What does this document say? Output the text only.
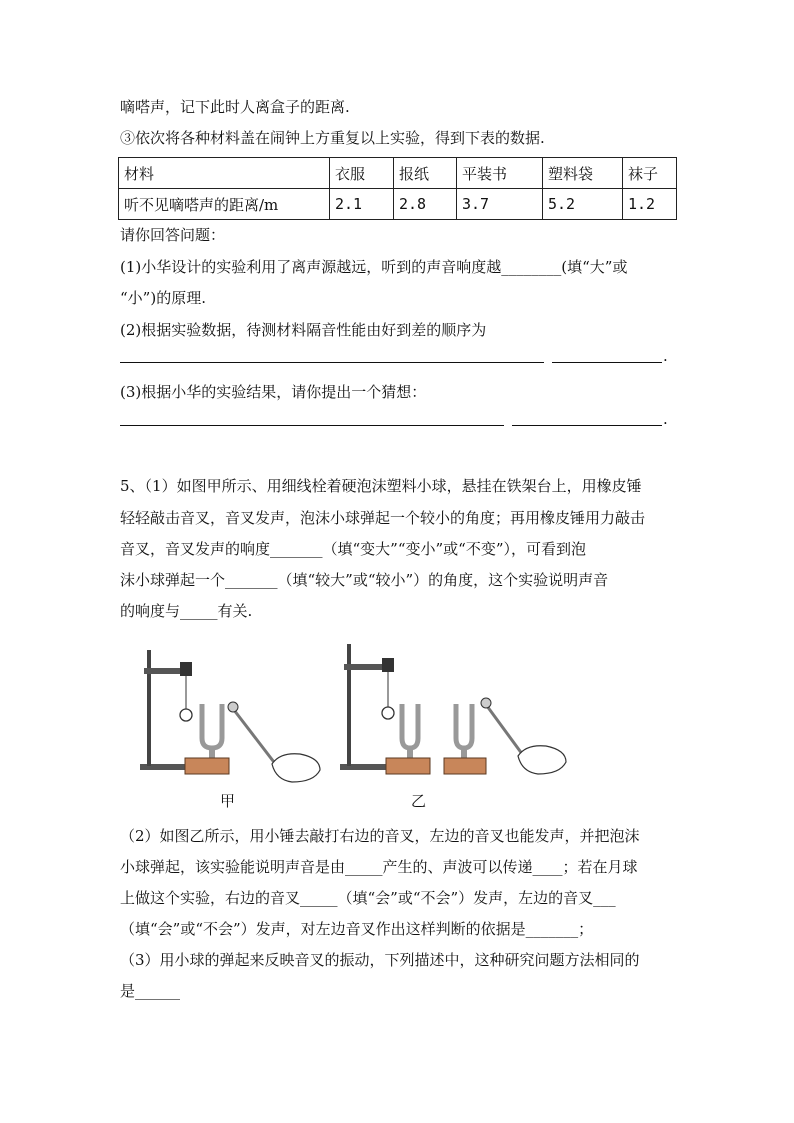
嘀嗒声，记下此时人离盒子的距离.
③依次将各种材料盖在闹钟上方重复以上实验，得到下表的数据.
材料	衣服	报纸	平装书	塑料袋	袜子
听不见嘀嗒声的距离/m	2.1	2.8	3.7	5.2	1.2
请你回答问题：
(1)小华设计的实验利用了离声源越远，听到的声音响度越________(填“大”或
“小”)的原理.
(2)根据实验数据，待测材料隔音性能由好到差的顺序为
.
(3)根据小华的实验结果，请你提出一个猜想：
.
5、（1）如图甲所示、用细线栓着硬泡沫塑料小球，悬挂在铁架台上，用橡皮锤
轻轻敲击音叉，音叉发声，泡沫小球弹起一个较小的角度；再用橡皮锤用力敲击
音叉，音叉发声的响度_______（填“变大”“变小”或“不变”），可看到泡
沫小球弹起一个_______（填“较大”或“较小”）的角度，这个实验说明声音
的响度与_____有关.
甲	乙
（2）如图乙所示，用小锤去敲打右边的音叉，左边的音叉也能发声，并把泡沫
小球弹起，该实验能说明声音是由_____产生的、声波可以传递____；若在月球
上做这个实验，右边的音叉_____（填“会”或“不会”）发声，左边的音叉___
（填“会”或“不会”）发声，对左边音叉作出这样判断的依据是_______；
（3）用小球的弹起来反映音叉的振动，下列描述中，这种研究问题方法相同的
是______
